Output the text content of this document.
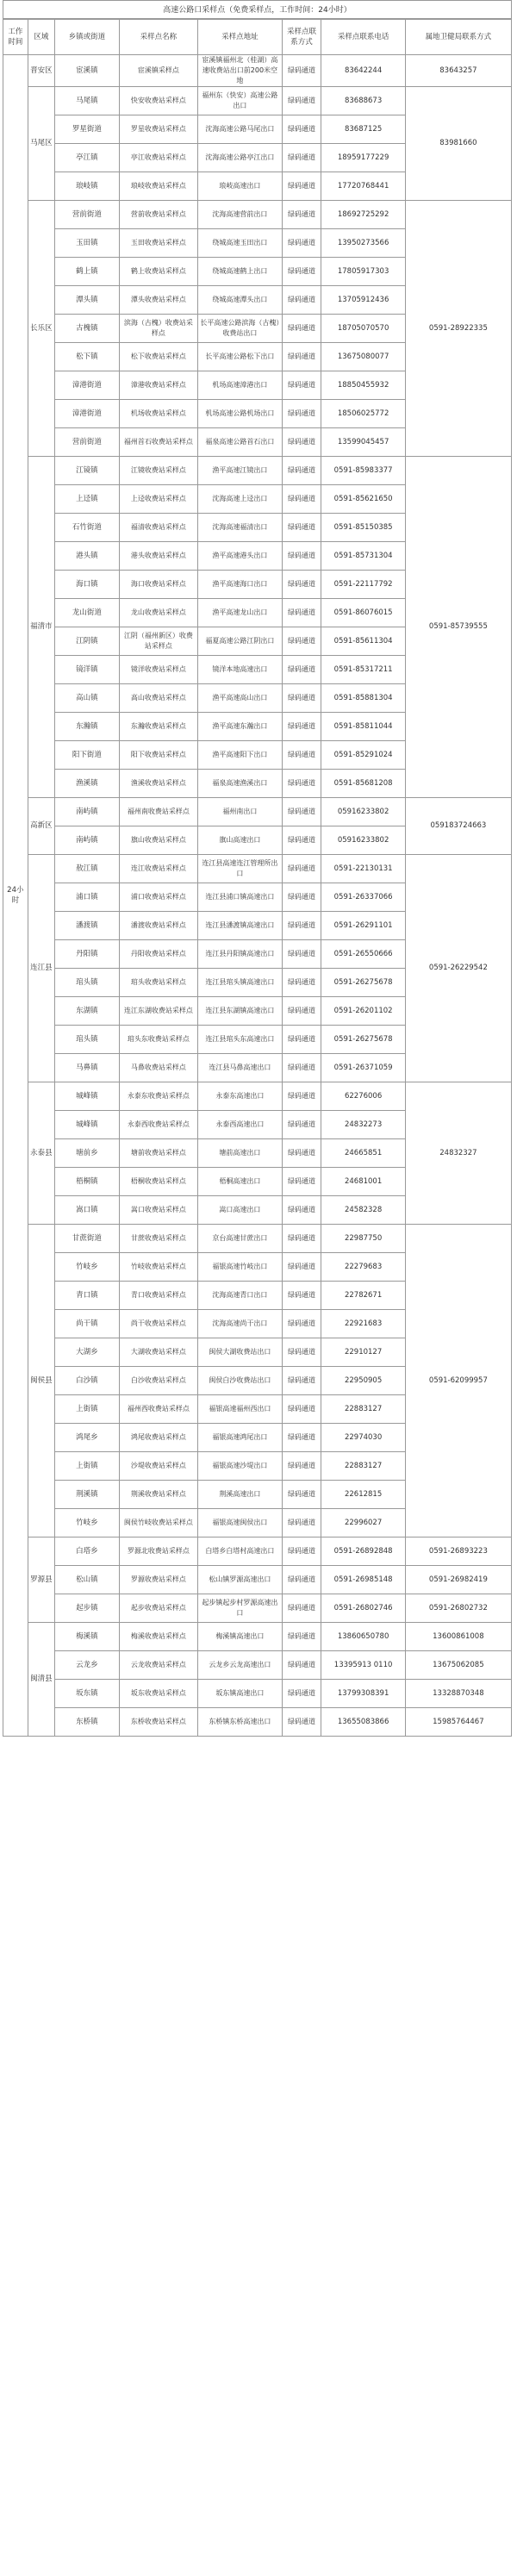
高速公路口采样点（免费采样点，工作时间：24小时）
工作时间	区域	乡镇或街道	采样点名称	采样点地址	采样点联系方式	采样点联系电话	属地卫健局联系方式
24小时	晋安区	宦溪镇	宦溪镇采样点	宦溪镇福州北（桂湖）高速收费站出口前200米空地	绿码通道	83642244	83643257
	马尾区	马尾镇	快安收费站采样点	福州东（快安）高速公路出口	绿码通道	83688673	83981660
		罗星街道	罗星收费站采样点	沈海高速公路马尾出口	绿码通道	83687125	
		亭江镇	亭江收费站采样点	沈海高速公路亭江出口	绿码通道	18959177229	
		琅岐镇	琅岐收费站采样点	琅岐高速出口	绿码通道	17720768441	
	长乐区	营前街道	营前收费站采样点	沈海高速营前出口	绿码通道	18692725292	0591-28922335
		玉田镇	玉田收费站采样点	绕城高速玉田出口	绿码通道	13950273566	
		鹤上镇	鹤上收费站采样点	绕城高速鹤上出口	绿码通道	17805917303	
		潭头镇	潭头收费站采样点	绕城高速潭头出口	绿码通道	13705912436	
		古槐镇	滨海（古槐）收费站采样点	长平高速公路滨海（古槐）收费站出口	绿码通道	18705070570	
		松下镇	松下收费站采样点	长平高速公路松下出口	绿码通道	13675080077	
		漳港街道	漳港收费站采样点	机场高速漳港出口	绿码通道	18850455932	
		漳港街道	机场收费站采样点	机场高速公路机场出口	绿码通道	18506025772	
		营前街道	福州首石收费站采样点	福泉高速公路首石出口	绿码通道	13599045457	
	福清市	江镜镇	江镜收费站采样点	渔平高速江镜出口	绿码通道	0591-85983377	0591-85739555
		上迳镇	上迳收费站采样点	沈海高速上迳出口	绿码通道	0591-85621650	
		石竹街道	福清收费站采样点	沈海高速福清出口	绿码通道	0591-85150385	
		港头镇	港头收费站采样点	渔平高速港头出口	绿码通道	0591-85731304	
		海口镇	海口收费站采样点	渔平高速海口出口	绿码通道	0591-22117792	
		龙山街道	龙山收费站采样点	渔平高速龙山出口	绿码通道	0591-86076015	
		江阴镇	江阴（福州新区）收费站采样点	福夏高速公路江阴出口	绿码通道	0591-85611304	
		镜洋镇	镜洋收费站采样点	镜洋本地高速出口	绿码通道	0591-85317211	
		高山镇	高山收费站采样点	渔平高速高山出口	绿码通道	0591-85881304	
		东瀚镇	东瀚收费站采样点	渔平高速东瀚出口	绿码通道	0591-85811044	
		阳下街道	阳下收费站采样点	渔平高速阳下出口	绿码通道	0591-85291024	
		渔溪镇	渔溪收费站采样点	福泉高速渔溪出口	绿码通道	0591-85681208	
	高新区	南屿镇	福州南收费站采样点	福州南出口	绿码通道	05916233802	059183724663
		南屿镇	旗山收费站采样点	旗山高速出口	绿码通道	05916233802	
	连江县	敖江镇	连江收费站采样点	连江县高速连江管理所出口	绿码通道	0591-22130131	0591-26229542
		浦口镇	浦口收费站采样点	连江县浦口镇高速出口	绿码通道	0591-26337066	
		潘渡镇	潘渡收费站采样点	连江县潘渡镇高速出口	绿码通道	0591-26291101	
		丹阳镇	丹阳收费站采样点	连江县丹阳镇高速出口	绿码通道	0591-26550666	
		琯头镇	琯头收费站采样点	连江县琯头镇高速出口	绿码通道	0591-26275678	
		东湖镇	连江东湖收费站采样点	连江县东湖镇高速出口	绿码通道	0591-26201102	
		琯头镇	琯头东收费站采样点	连江县琯头东高速出口	绿码通道	0591-26275678	
		马鼻镇	马鼻收费站采样点	连江县马鼻高速出口	绿码通道	0591-26371059	
	永泰县	城峰镇	永泰东收费站采样点	永泰东高速出口	绿码通道	62276006	24832327
		城峰镇	永泰西收费站采样点	永泰西高速出口	绿码通道	24832273	
		塘前乡	塘前收费站采样点	塘前高速出口	绿码通道	24665851	
		梧桐镇	梧桐收费站采样点	梧桐高速出口	绿码通道	24681001	
		嵩口镇	嵩口收费站采样点	嵩口高速出口	绿码通道	24582328	
	闽侯县	甘蔗街道	甘蔗收费站采样点	京台高速甘蔗出口	绿码通道	22987750	0591-62099957
		竹岐乡	竹岐收费站采样点	福银高速竹岐出口	绿码通道	22279683	
		青口镇	青口收费站采样点	沈海高速青口出口	绿码通道	22782671	
		尚干镇	尚干收费站采样点	沈海高速尚干出口	绿码通道	22921683	
		大湖乡	大湖收费站采样点	闽侯大湖收费站出口	绿码通道	22910127	
		白沙镇	白沙收费站采样点	闽侯白沙收费站出口	绿码通道	22950905	
		上街镇	福州西收费站采样点	福银高速福州西出口	绿码通道	22883127	
		鸿尾乡	鸿尾收费站采样点	福银高速鸿尾出口	绿码通道	22974030	
		上街镇	沙堤收费站采样点	福银高速沙堤出口	绿码通道	22883127	
		荆溪镇	荆溪收费站采样点	荆溪高速出口	绿码通道	22612815	
		竹岐乡	闽侯竹岐收费站采样点	福银高速闽侯出口	绿码通道	22996027	
	罗源县	白塔乡	罗源北收费站采样点	白塔乡白塔村高速出口	绿码通道	0591-26892848	0591-26893223
		松山镇	罗源收费站采样点	松山镇罗源高速出口	绿码通道	0591-26985148	0591-26982419
		起步镇	起步收费站采样点	起步镇起步村罗源高速出口	绿码通道	0591-26802746	0591-26802732
	闽清县	梅溪镇	梅溪收费站采样点	梅溪镇高速出口	绿码通道	13860650780	13600861008
		云龙乡	云龙收费站采样点	云龙乡云龙高速出口	绿码通道	13395913 0110	13675062085
		坂东镇	坂东收费站采样点	坂东镇高速出口	绿码通道	13799308391	13328870348
		东桥镇	东桥收费站采样点	东桥镇东桥高速出口	绿码通道	13655083866	15985764467
